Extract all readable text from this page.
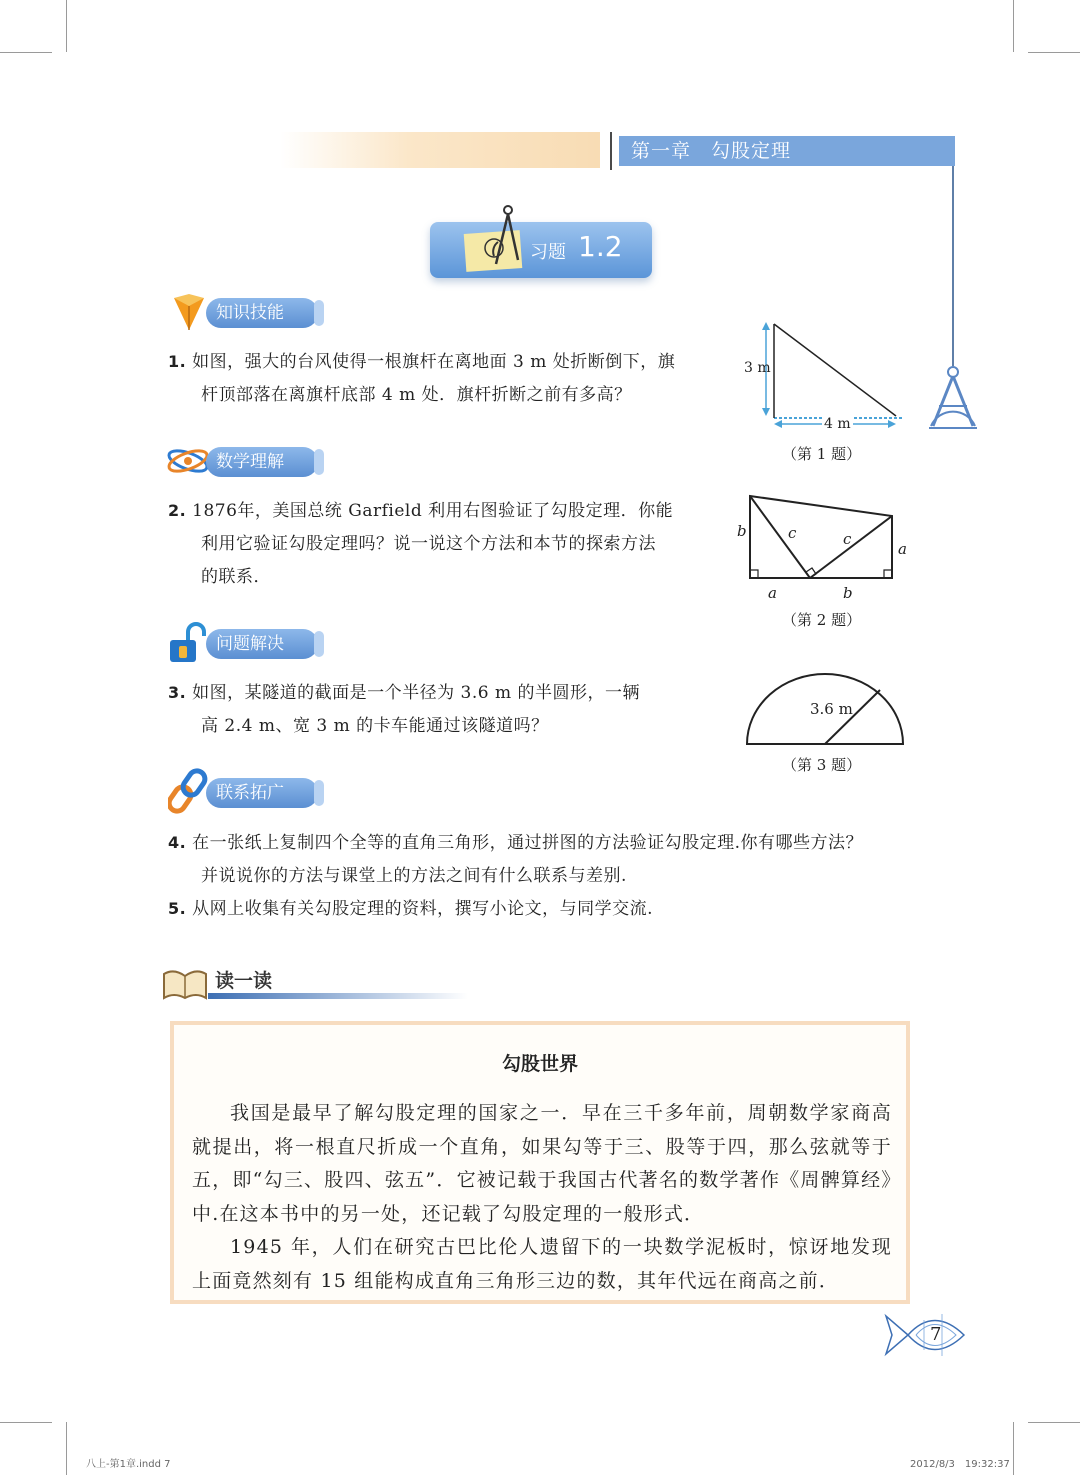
第一章　勾股定理
习题 1.2
知识技能
1. 如图，强大的台风使得一根旗杆在离地面 3 m 处折断倒下，旗
杆顶部落在离旗杆底部 4 m 处．旗杆折断之前有多高？
3 m
4 m
（第 1 题）
数学理解
2. 1876年，美国总统 Garfield 利用右图验证了勾股定理．你能
利用它验证勾股定理吗？说一说这个方法和本节的探索方法
的联系．
b	c	c
a
a	b
（第 2 题）
问题解决
3. 如图，某隧道的截面是一个半径为 3.6 m 的半圆形，一辆
高 2.4 m、宽 3 m 的卡车能通过该隧道吗？
3.6 m
（第 3 题）
联系拓广
4. 在一张纸上复制四个全等的直角三角形，通过拼图的方法验证勾股定理.你有哪些方法？
并说说你的方法与课堂上的方法之间有什么联系与差别.
5. 从网上收集有关勾股定理的资料，撰写小论文，与同学交流.
读一读
勾股世界
我国是最早了解勾股定理的国家之一．早在三千多年前，周朝数学家商高就提出，将一根直尺折成一个直角，如果勾等于三、股等于四，那么弦就等于五，即“勾三、股四、弦五”．它被记载于我国古代著名的数学著作《周髀算经》中.在这本书中的另一处，还记载了勾股定理的一般形式．
1945 年，人们在研究古巴比伦人遗留下的一块数学泥板时，惊讶地发现上面竟然刻有 15 组能构成直角三角形三边的数，其年代远在商高之前．
7
八上-第1章.indd 7	2012/8/3　19:32:37
